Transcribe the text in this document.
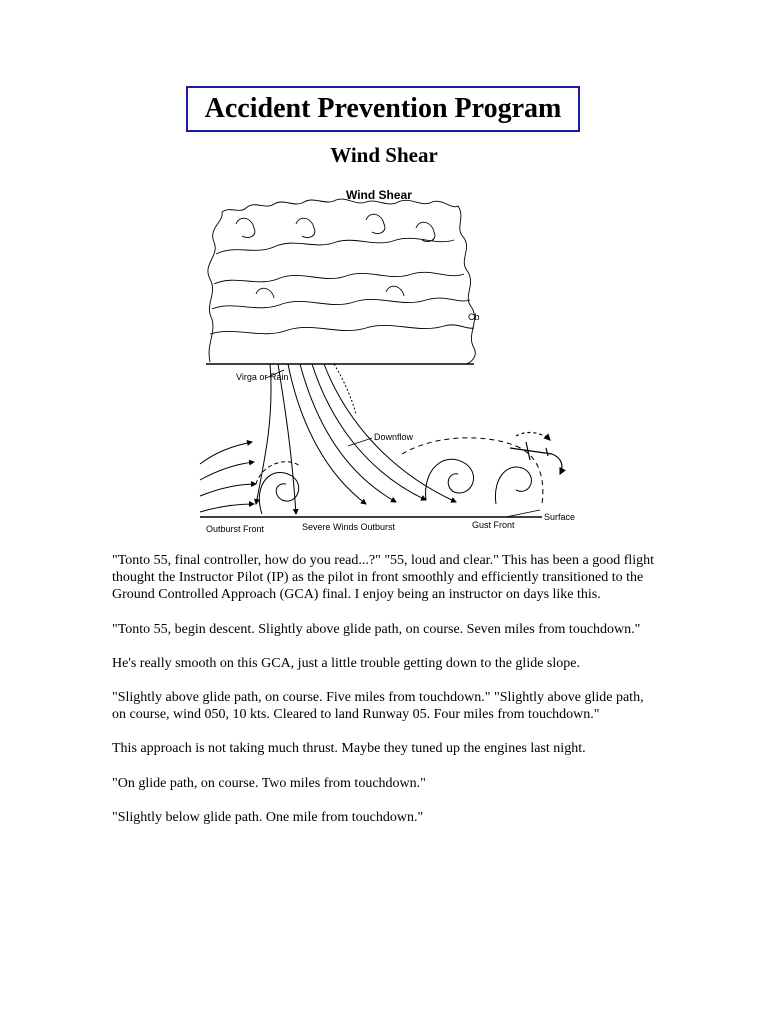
Accident Prevention Program
Wind Shear
Wind Shear
Cb
Virga or Rain
Downflow
Surface
Outburst Front	Severe Winds Outburst	Gust Front

"Tonto 55, final controller, how do you read...?" "55, loud and clear." This has been a good flight thought the Instructor Pilot (IP) as the pilot in front smoothly and efficiently transitioned to the Ground Controlled Approach (GCA) final. I enjoy being an instructor on days like this.

"Tonto 55, begin descent. Slightly above glide path, on course. Seven miles from touchdown."

He's really smooth on this GCA, just a little trouble getting down to the glide slope.

"Slightly above glide path, on course. Five miles from touchdown." "Slightly above glide path, on course, wind 050, 10 kts. Cleared to land Runway 05. Four miles from touchdown."

This approach is not taking much thrust. Maybe they tuned up the engines last night.

"On glide path, on course. Two miles from touchdown."

"Slightly below glide path. One mile from touchdown."
